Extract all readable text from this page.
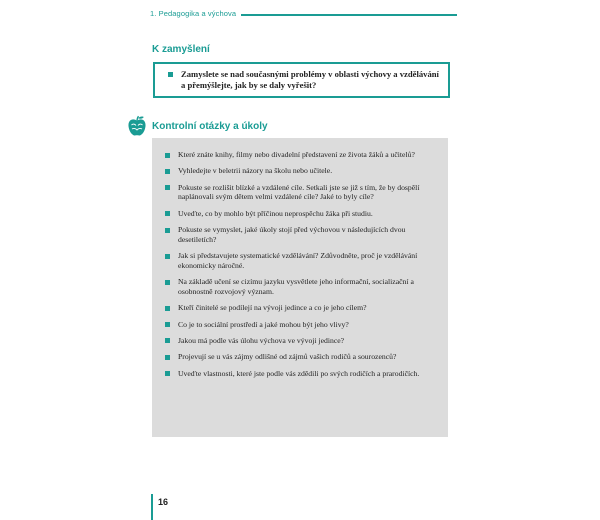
1. Pedagogika a výchova
K zamyšlení
Zamyslete se nad současnými problémy v oblasti výchovy a vzdělávání a přemýšlejte, jak by se daly vyřešit?
Kontrolní otázky a úkoly
Které znáte knihy, filmy nebo divadelní představení ze života žáků a učitelů?
Vyhledejte v beletrii názory na školu nebo učitele.
Pokuste se rozlišit blízké a vzdálené cíle. Setkali jste se již s tím, že by dospělí naplánovali svým dětem velmi vzdálené cíle? Jaké to byly cíle?
Uveďte, co by mohlo být příčinou neprospěchu žáka při studiu.
Pokuste se vymyslet, jaké úkoly stojí před výchovou v následujících dvou desetiletích?
Jak si představujete systematické vzdělávání? Zdůvodněte, proč je vzdělávání ekonomicky náročné.
Na základě učení se cizímu jazyku vysvětlete jeho informační, socializační a osobnostně rozvojový význam.
Kteří činitelé se podílejí na vývoji jedince a co je jeho cílem?
Co je to sociální prostředí a jaké mohou být jeho vlivy?
Jakou má podle vás úlohu výchova ve vývoji jedince?
Projevují se u vás zájmy odlišné od zájmů vašich rodičů a sourozenců?
Uveďte vlastnosti, které jste podle vás zdědili po svých rodičích a prarodičích.
16
